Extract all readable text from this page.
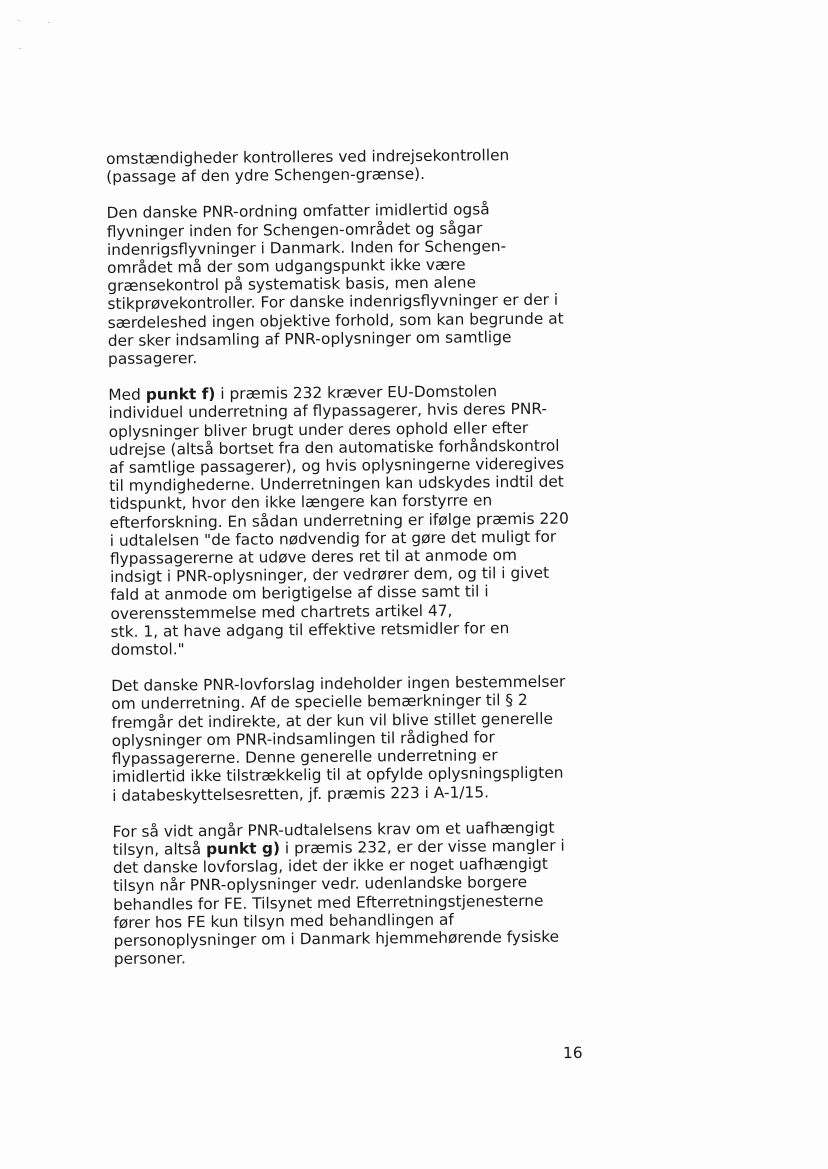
omstændigheder kontrolleres ved indrejsekontrollen
(passage af den ydre Schengen-grænse).

Den danske PNR-ordning omfatter imidlertid også
flyvninger inden for Schengen-området og sågar
indenrigsflyvninger i Danmark. Inden for Schengen-
området må der som udgangspunkt ikke være
grænsekontrol på systematisk basis, men alene
stikprøvekontroller. For danske indenrigsflyvninger er der i
særdeleshed ingen objektive forhold, som kan begrunde at
der sker indsamling af PNR-oplysninger om samtlige
passagerer.

Med punkt f) i præmis 232 kræver EU-Domstolen
individuel underretning af flypassagerer, hvis deres PNR-
oplysninger bliver brugt under deres ophold eller efter
udrejse (altså bortset fra den automatiske forhåndskontrol
af samtlige passagerer), og hvis oplysningerne videregives
til myndighederne. Underretningen kan udskydes indtil det
tidspunkt, hvor den ikke længere kan forstyrre en
efterforskning. En sådan underretning er ifølge præmis 220
i udtalelsen "de facto nødvendig for at gøre det muligt for
flypassagererne at udøve deres ret til at anmode om
indsigt i PNR-oplysninger, der vedrører dem, og til i givet
fald at anmode om berigtigelse af disse samt til i
overensstemmelse med chartrets artikel 47,
stk. 1, at have adgang til effektive retsmidler for en
domstol."

Det danske PNR-lovforslag indeholder ingen bestemmelser
om underretning. Af de specielle bemærkninger til § 2
fremgår det indirekte, at der kun vil blive stillet generelle
oplysninger om PNR-indsamlingen til rådighed for
flypassagererne. Denne generelle underretning er
imidlertid ikke tilstrækkelig til at opfylde oplysningspligten
i databeskyttelsesretten, jf. præmis 223 i A-1/15.

For så vidt angår PNR-udtalelsens krav om et uafhængigt
tilsyn, altså punkt g) i præmis 232, er der visse mangler i
det danske lovforslag, idet der ikke er noget uafhængigt
tilsyn når PNR-oplysninger vedr. udenlandske borgere
behandles for FE. Tilsynet med Efterretningstjenesterne
fører hos FE kun tilsyn med behandlingen af
personoplysninger om i Danmark hjemmehørende fysiske
personer.

16
